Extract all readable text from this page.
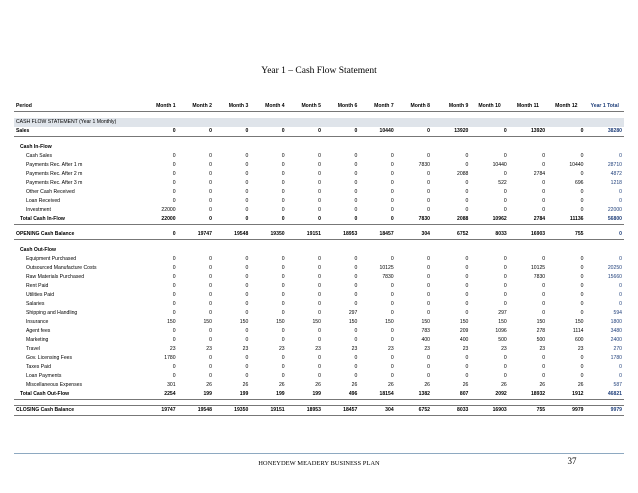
Year 1 – Cash Flow Statement
Period	Month 1	Month 2	Month 3	Month 4	Month 5	Month 6	Month 7	Month 8	Month 9	Month 10	Month 11	Month 12	Year 1 Total

CASH FLOW STATEMENT (Year 1 Monthly)													
Sales	0	0	0	0	0	0	10440	0	13920	0	13920	0	38280

Cash In-Flow													
Cash Sales	0	0	0	0	0	0	0	0	0	0	0	0	0
Payments Rec. After 1 m	0	0	0	0	0	0	0	7830	0	10440	0	10440	28710
Payments Rec. After 2 m	0	0	0	0	0	0	0	0	2088	0	2784	0	4872
Payments Rec. After 3 m	0	0	0	0	0	0	0	0	0	522	0	696	1218
Other Cash Received	0	0	0	0	0	0	0	0	0	0	0	0	0
Loan Received	0	0	0	0	0	0	0	0	0	0	0	0	0
Investment	22000	0	0	0	0	0	0	0	0	0	0	0	22000
Total Cash In-Flow	22000	0	0	0	0	0	0	7830	2088	10962	2784	11136	56800

OPENING Cash Balance	0	19747	19548	19350	19151	18953	18457	304	6752	8033	16903	755	0

Cash Out-Flow													
Equipment Purchased	0	0	0	0	0	0	0	0	0	0	0	0	0
Outsourced Manufacture Costs	0	0	0	0	0	0	10125	0	0	0	10125	0	20250
Raw Materials Purchased	0	0	0	0	0	0	7830	0	0	0	7830	0	15660
Rent Paid	0	0	0	0	0	0	0	0	0	0	0	0	0
Utilities Paid	0	0	0	0	0	0	0	0	0	0	0	0	0
Salaries	0	0	0	0	0	0	0	0	0	0	0	0	0
Shipping and Handling	0	0	0	0	0	297	0	0	0	297	0	0	594
Insurance	150	150	150	150	150	150	150	150	150	150	150	150	1800
Agent fees	0	0	0	0	0	0	0	783	209	1096	278	1114	3480
Marketing	0	0	0	0	0	0	0	400	400	500	500	600	2400
Travel	23	23	23	23	23	23	23	23	23	23	23	23	270
Gov. Licensing Fees	1780	0	0	0	0	0	0	0	0	0	0	0	1780
Taxes Paid	0	0	0	0	0	0	0	0	0	0	0	0	0
Loan Payments	0	0	0	0	0	0	0	0	0	0	0	0	0
Miscellaneous Expenses	301	26	26	26	26	26	26	26	26	26	26	26	587
Total Cash Out-Flow	2254	199	199	199	199	496	18154	1382	807	2092	18932	1912	46821

CLOSING Cash Balance	19747	19548	19350	19151	18953	18457	304	6752	8033	16903	755	9979	9979
HONEYDEW MEADERY BUSINESS PLAN	37
